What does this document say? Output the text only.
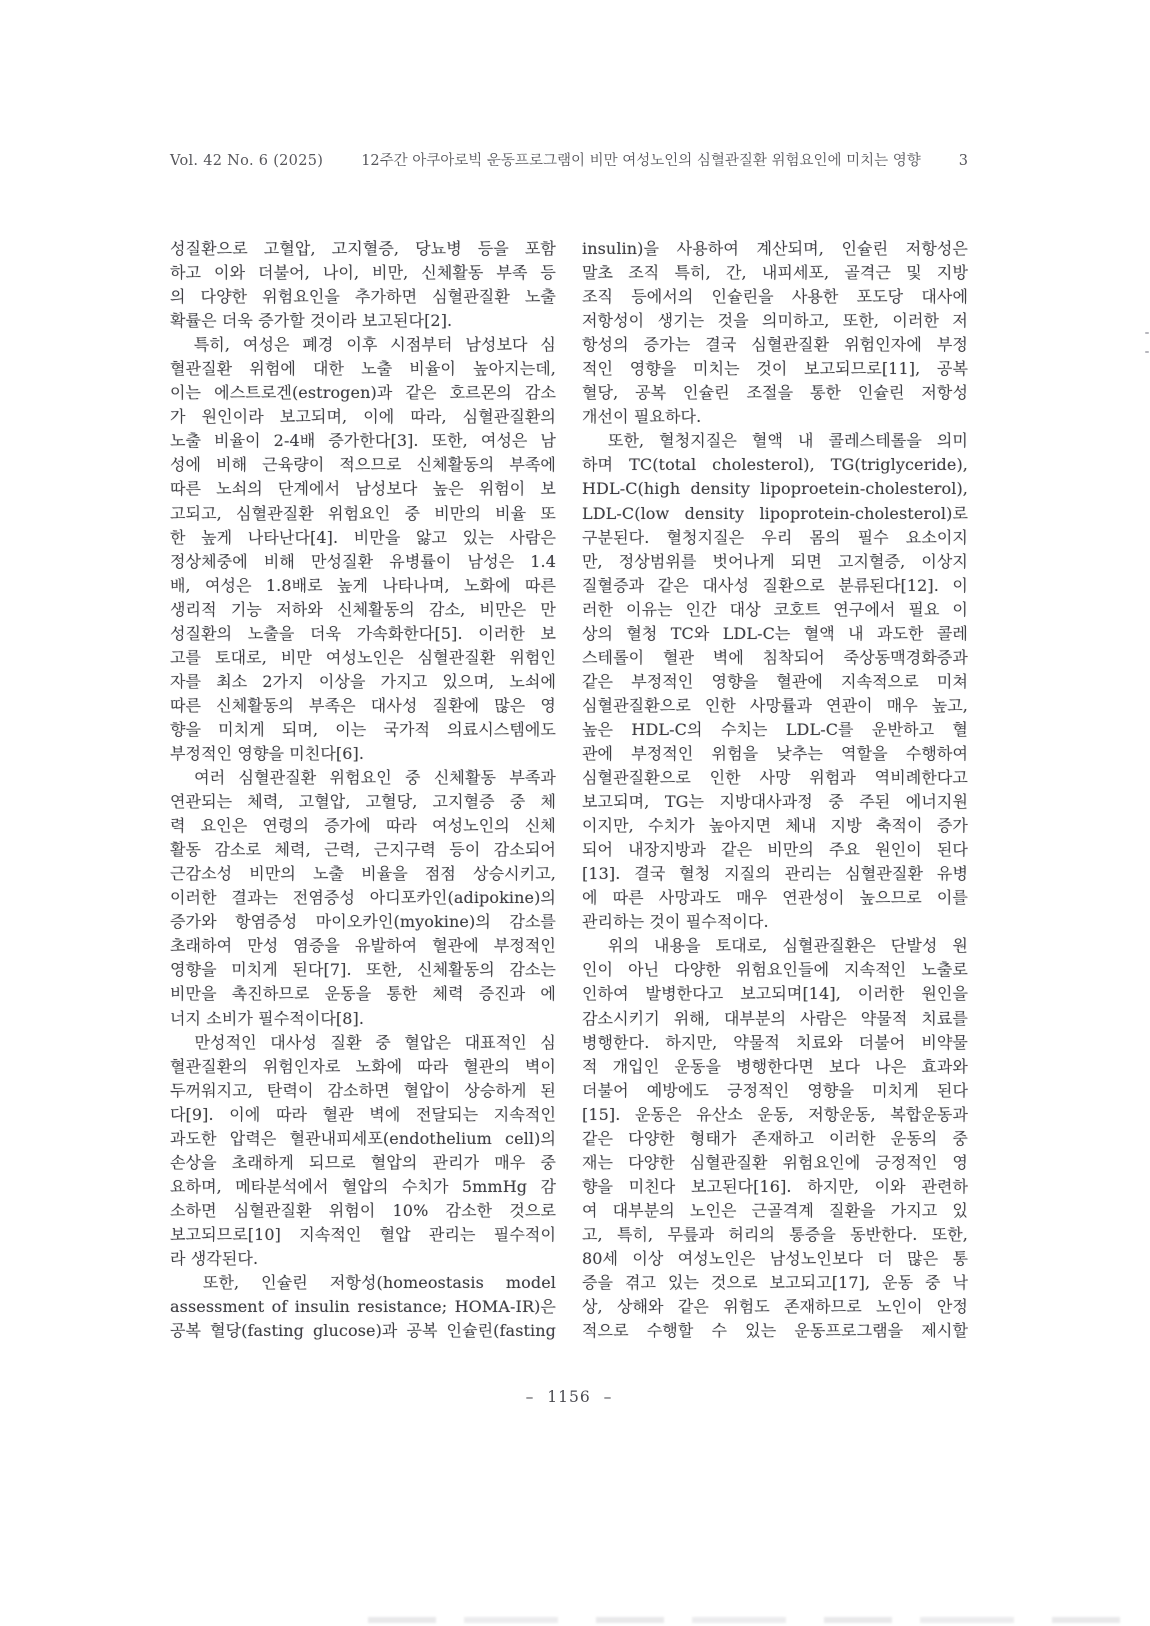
Vol. 42 No. 6 (2025)	12주간 아쿠아로빅 운동프로그램이 비만 여성노인의 심혈관질환 위험요인에 미치는 영향	3
성질환으로 고혈압, 고지혈증, 당뇨병 등을 포함
하고 이와 더불어, 나이, 비만, 신체활동 부족 등
의 다양한 위험요인을 추가하면 심혈관질환 노출
확률은 더욱 증가할 것이라 보고된다[2].
　특히, 여성은 폐경 이후 시점부터 남성보다 심
혈관질환 위험에 대한 노출 비율이 높아지는데,
이는 에스트로겐(estrogen)과 같은 호르몬의 감소
가 원인이라 보고되며, 이에 따라, 심혈관질환의
노출 비율이 2-4배 증가한다[3]. 또한, 여성은 남
성에 비해 근육량이 적으므로 신체활동의 부족에
따른 노쇠의 단계에서 남성보다 높은 위험이 보
고되고, 심혈관질환 위험요인 중 비만의 비율 또
한 높게 나타난다[4]. 비만을 앓고 있는 사람은
정상체중에 비해 만성질환 유병률이 남성은 1.4
배, 여성은 1.8배로 높게 나타나며, 노화에 따른
생리적 기능 저하와 신체활동의 감소, 비만은 만
성질환의 노출을 더욱 가속화한다[5]. 이러한 보
고를 토대로, 비만 여성노인은 심혈관질환 위험인
자를 최소 2가지 이상을 가지고 있으며, 노쇠에
따른 신체활동의 부족은 대사성 질환에 많은 영
향을 미치게 되며, 이는 국가적 의료시스템에도
부정적인 영향을 미친다[6].
　여러 심혈관질환 위험요인 중 신체활동 부족과
연관되는 체력, 고혈압, 고혈당, 고지혈증 중 체
력 요인은 연령의 증가에 따라 여성노인의 신체
활동 감소로 체력, 근력, 근지구력 등이 감소되어
근감소성 비만의 노출 비율을 점점 상승시키고,
이러한 결과는 전염증성 아디포카인(adipokine)의
증가와 항염증성 마이오카인(myokine)의 감소를
초래하여 만성 염증을 유발하여 혈관에 부정적인
영향을 미치게 된다[7]. 또한, 신체활동의 감소는
비만을 촉진하므로 운동을 통한 체력 증진과 에
너지 소비가 필수적이다[8].
　만성적인 대사성 질환 중 혈압은 대표적인 심
혈관질환의 위험인자로 노화에 따라 혈관의 벽이
두꺼워지고, 탄력이 감소하면 혈압이 상승하게 된
다[9]. 이에 따라 혈관 벽에 전달되는 지속적인
과도한 압력은 혈관내피세포(endothelium cell)의
손상을 초래하게 되므로 혈압의 관리가 매우 중
요하며, 메타분석에서 혈압의 수치가 5mmHg 감
소하면 심혈관질환 위험이 10% 감소한 것으로
보고되므로[10] 지속적인 혈압 관리는 필수적이
라 생각된다.
　또한, 인슐린 저항성(homeostasis model
assessment of insulin resistance; HOMA-IR)은
공복 혈당(fasting glucose)과 공복 인슐린(fasting
insulin)을 사용하여 계산되며, 인슐린 저항성은
말초 조직 특히, 간, 내피세포, 골격근 및 지방
조직 등에서의 인슐린을 사용한 포도당 대사에
저항성이 생기는 것을 의미하고, 또한, 이러한 저
항성의 증가는 결국 심혈관질환 위험인자에 부정
적인 영향을 미치는 것이 보고되므로[11], 공복
혈당, 공복 인슐린 조절을 통한 인슐린 저항성
개선이 필요하다.
　또한, 혈청지질은 혈액 내 콜레스테롤을 의미
하며 TC(total cholesterol), TG(triglyceride),
HDL-C(high density lipoproetein-cholesterol),
LDL-C(low density lipoprotein-cholesterol)로
구분된다. 혈청지질은 우리 몸의 필수 요소이지
만, 정상범위를 벗어나게 되면 고지혈증, 이상지
질혈증과 같은 대사성 질환으로 분류된다[12]. 이
러한 이유는 인간 대상 코호트 연구에서 필요 이
상의 혈청 TC와 LDL-C는 혈액 내 과도한 콜레
스테롤이 혈관 벽에 침착되어 죽상동맥경화증과
같은 부정적인 영향을 혈관에 지속적으로 미쳐
심혈관질환으로 인한 사망률과 연관이 매우 높고,
높은 HDL-C의 수치는 LDL-C를 운반하고 혈
관에 부정적인 위험을 낮추는 역할을 수행하여
심혈관질환으로 인한 사망 위험과 역비례한다고
보고되며, TG는 지방대사과정 중 주된 에너지원
이지만, 수치가 높아지면 체내 지방 축적이 증가
되어 내장지방과 같은 비만의 주요 원인이 된다
[13]. 결국 혈청 지질의 관리는 심혈관질환 유병
에 따른 사망과도 매우 연관성이 높으므로 이를
관리하는 것이 필수적이다.
　위의 내용을 토대로, 심혈관질환은 단발성 원
인이 아닌 다양한 위험요인들에 지속적인 노출로
인하여 발병한다고 보고되며[14], 이러한 원인을
감소시키기 위해, 대부분의 사람은 약물적 치료를
병행한다. 하지만, 약물적 치료와 더불어 비약물
적 개입인 운동을 병행한다면 보다 나은 효과와
더불어 예방에도 긍정적인 영향을 미치게 된다
[15]. 운동은 유산소 운동, 저항운동, 복합운동과
같은 다양한 형태가 존재하고 이러한 운동의 중
재는 다양한 심혈관질환 위험요인에 긍정적인 영
향을 미친다 보고된다[16]. 하지만, 이와 관련하
여 대부분의 노인은 근골격계 질환을 가지고 있
고, 특히, 무릎과 허리의 통증을 동반한다. 또한,
80세 이상 여성노인은 남성노인보다 더 많은 통
증을 겪고 있는 것으로 보고되고[17], 운동 중 낙
상, 상해와 같은 위험도 존재하므로 노인이 안정
적으로 수행할 수 있는 운동프로그램을 제시할
– 1156 –
